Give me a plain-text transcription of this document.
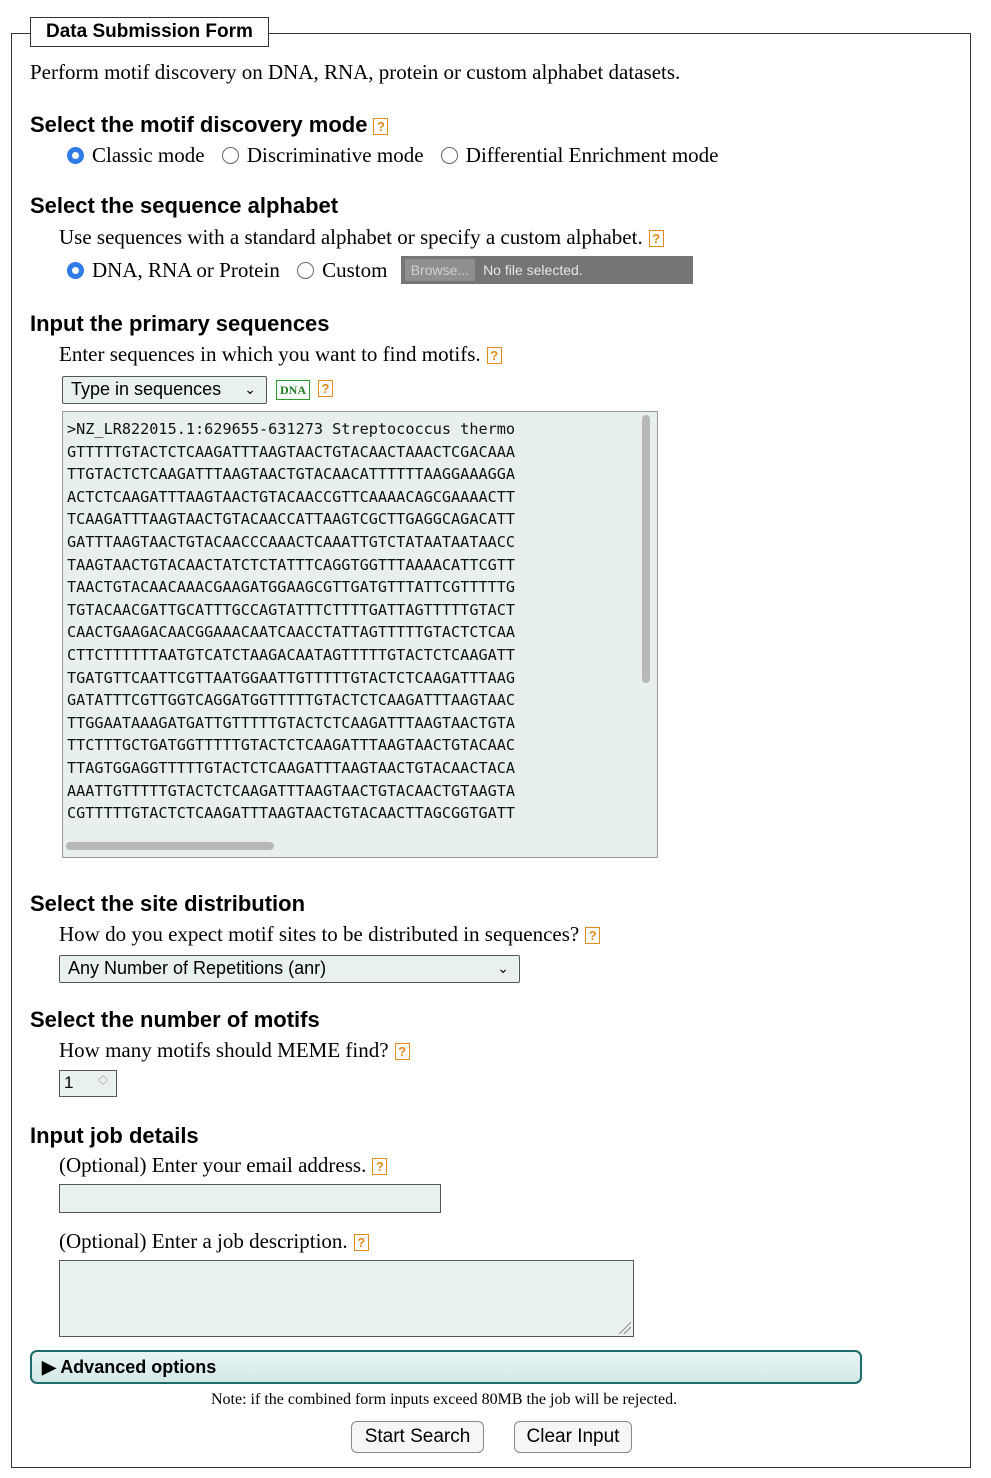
Data Submission Form
Perform motif discovery on DNA, RNA, protein or custom alphabet datasets.
Select the motif discovery mode ?
Classic mode Discriminative mode Differential Enrichment mode
Select the sequence alphabet
Use sequences with a standard alphabet or specify a custom alphabet. ?
DNA, RNA or Protein Custom Browse... No file selected.
Input the primary sequences
Enter sequences in which you want to find motifs. ?
Type in sequences ⌄	DNA	?
>NZ_LR822015.1:629655-631273 Streptococcus thermo
GTTTTTGTACTCTCAAGATTTAAGTAACTGTACAACTAAACTCGACAAA
TTGTACTCTCAAGATTTAAGTAACTGTACAACATTTTTTAAGGAAAGGA
ACTCTCAAGATTTAAGTAACTGTACAACCGTTCAAAACAGCGAAAACTT
TCAAGATTTAAGTAACTGTACAACCATTAAGTCGCTTGAGGCAGACATT
GATTTAAGTAACTGTACAACCCAAACTCAAATTGTCTATAATAATAACC
TAAGTAACTGTACAACTATCTCTATTTCAGGTGGTTTAAAACATTCGTT
TAACTGTACAACAAACGAAGATGGAAGCGTTGATGTTTATTCGTTTTTG
TGTACAACGATTGCATTTGCCAGTATTTCTTTTGATTAGTTTTTGTACT
CAACTGAAGACAACGGAAACAATCAACCTATTAGTTTTTGTACTCTCAA
CTTCTTTTTTAATGTCATCTAAGACAATAGTTTTTGTACTCTCAAGATT
TGATGTTCAATTCGTTAATGGAATTGTTTTTGTACTCTCAAGATTTAAG
GATATTTCGTTGGTCAGGATGGTTTTTGTACTCTCAAGATTTAAGTAAC
TTGGAATAAAGATGATTGTTTTTGTACTCTCAAGATTTAAGTAACTGTA
TTCTTTGCTGATGGTTTTTGTACTCTCAAGATTTAAGTAACTGTACAAC
TTAGTGGAGGTTTTTGTACTCTCAAGATTTAAGTAACTGTACAACTACA
AAATTGTTTTTGTACTCTCAAGATTTAAGTAACTGTACAACTGTAAGTA
CGTTTTTGTACTCTCAAGATTTAAGTAACTGTACAACTTAGCGGTGATT
Select the site distribution
How do you expect motif sites to be distributed in sequences? ?
Any Number of Repetitions (anr)	⌄
Select the number of motifs
How many motifs should MEME find? ?
1 ︿
﹀
Input job details
(Optional) Enter your email address. ?
(Optional) Enter a job description. ?
▶ Advanced options
Note: if the combined form inputs exceed 80MB the job will be rejected.
Start Search	Clear Input
